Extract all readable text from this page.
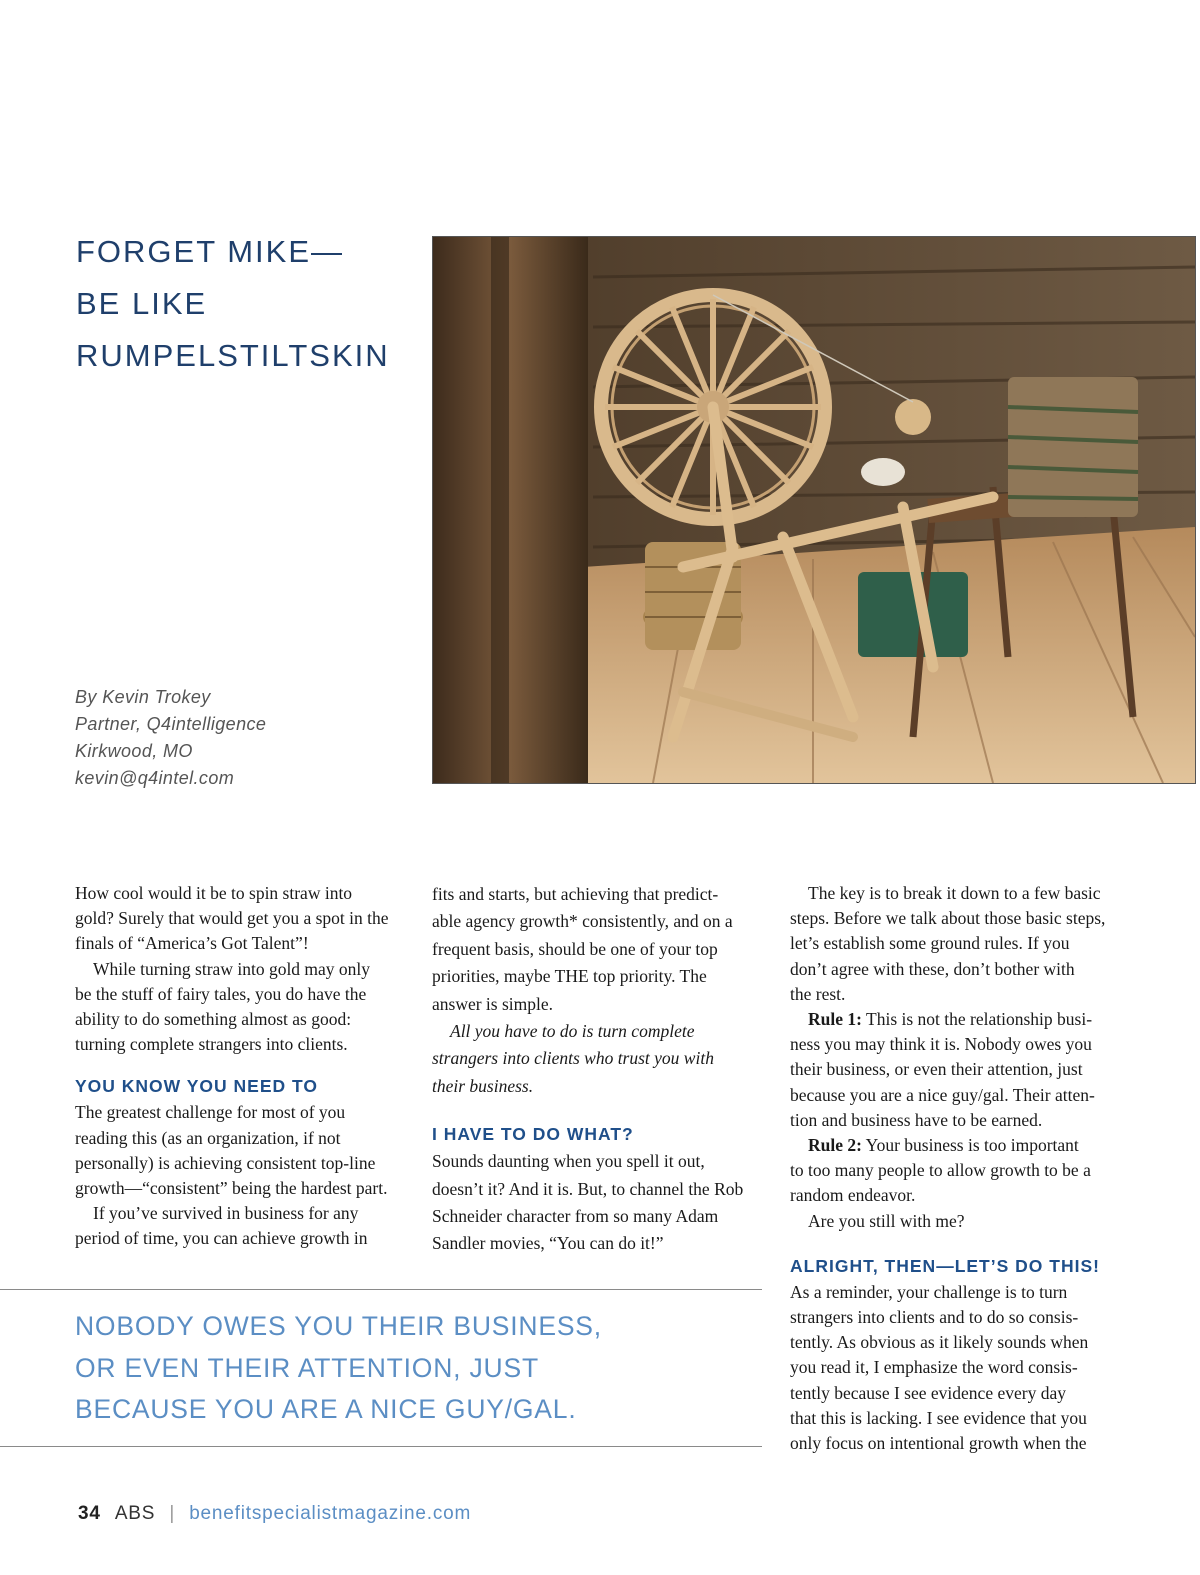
FORGET MIKE—
BE LIKE
RUMPELSTILTSKIN
By Kevin Trokey
Partner, Q4intelligence
Kirkwood, MO
kevin@q4intel.com

How cool would it be to spin straw into
gold? Surely that would get you a spot in the
finals of “America’s Got Talent”!

While turning straw into gold may only
be the stuff of fairy tales, you do have the
ability to do something almost as good:
turning complete strangers into clients.

YOU KNOW YOU NEED TO

The greatest challenge for most of you
reading this (as an organization, if not
personally) is achieving consistent top-line
growth—“consistent” being the hardest part.

If you’ve survived in business for any
period of time, you can achieve growth in

fits and starts, but achieving that predict-
able agency growth* consistently, and on a
frequent basis, should be one of your top
priorities, maybe THE top priority. The
answer is simple.

All you have to do is turn complete
strangers into clients who trust you with
their business.

I HAVE TO DO WHAT?

Sounds daunting when you spell it out,
doesn’t it? And it is. But, to channel the Rob
Schneider character from so many Adam
Sandler movies, “You can do it!”

The key is to break it down to a few basic
steps. Before we talk about those basic steps,
let’s establish some ground rules. If you
don’t agree with these, don’t bother with
the rest.

Rule 1: This is not the relationship busi-
ness you may think it is. Nobody owes you
their business, or even their attention, just
because you are a nice guy/gal. Their atten-
tion and business have to be earned.

Rule 2: Your business is too important
to too many people to allow growth to be a
random endeavor.

Are you still with me?

ALRIGHT, THEN—LET’S DO THIS!

As a reminder, your challenge is to turn
strangers into clients and to do so consis-
tently. As obvious as it likely sounds when
you read it, I emphasize the word consis-
tently because I see evidence every day
that this is lacking. I see evidence that you
only focus on intentional growth when the

NOBODY OWES YOU THEIR BUSINESS,
OR EVEN THEIR ATTENTION, JUST
BECAUSE YOU ARE A NICE GUY/GAL.
34 ABS | benefitspecialistmagazine.com
